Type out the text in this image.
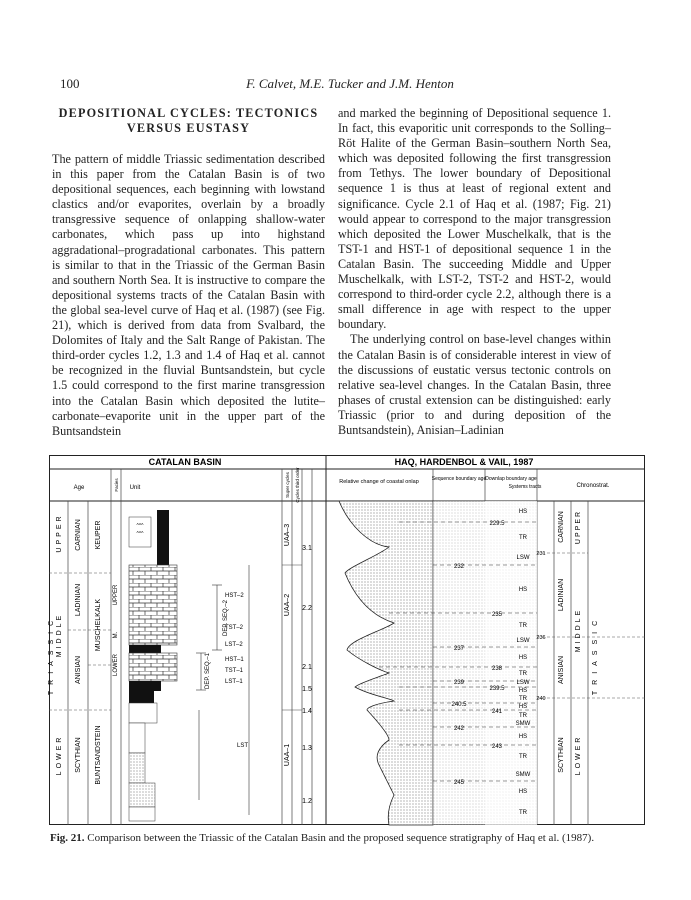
100	F. Calvet, M.E. Tucker and J.M. Henton

DEPOSITIONAL CYCLES: TECTONICS VERSUS EUSTASY

The pattern of middle Triassic sedimentation described in this paper from the Catalan Basin is of two depositional sequences, each beginning with lowstand clastics and/or evaporites, overlain by a broadly transgressive sequence of onlapping shallow-water carbonates, which pass up into highstand aggradational–progradational carbonates. This pattern is similar to that in the Triassic of the German Basin and southern North Sea. It is instructive to compare the depositional systems tracts of the Catalan Basin with the global sea-level curve of Haq et al. (1987) (see Fig. 21), which is derived from data from Svalbard, the Dolomites of Italy and the Salt Range of Pakistan. The third-order cycles 1.2, 1.3 and 1.4 of Haq et al. cannot be recognized in the fluvial Buntsandstein, but cycle 1.5 could correspond to the first marine transgression into the Catalan Basin which deposited the lutite–carbonate–evaporite unit in the upper part of the Buntsandstein

and marked the beginning of Depositional sequence 1. In fact, this evaporitic unit corresponds to the Solling–Röt Halite of the German Basin–southern North Sea, which was deposited following the first transgression from Tethys. The lower boundary of Depositional sequence 1 is thus at least of regional extent and significance. Cycle 2.1 of Haq et al. (1987; Fig. 21) would appear to correspond to the major transgression which deposited the Lower Muschelkalk, that is the TST-1 and HST-1 of depositional sequence 1 in the Catalan Basin. The succeeding Middle and Upper Muschelkalk, with LST-2, TST-2 and HST-2, would correspond to third-order cycle 2.2, although there is a small difference in age with respect to the upper boundary.

The underlying control on base-level changes within the Catalan Basin is of considerable interest in view of the discussions of eustatic versus tectonic controls on relative sea-level changes. In the Catalan Basin, three phases of crustal extension can be distinguished: early Triassic (prior to and during deposition of the Buntsandstein), Anisian–Ladinian

CATALAN BASIN	HAQ, HARDENBOL & VAIL, 1987
Age	Facies Unit	Super cycles Cycles third order	Relative change of coastal onlap	Sequence boundary age Downlap boundary age
Systems tracts	Chronostrat.
UPPER
MIDDLE
LOWER
TRIASSIC
CARNIAN
LADINIAN
ANISIAN
SCYTHIAN
KEUPER
MUSCHELKALK
BUNTSANDSTEIN
UPPER
M.
LOWER
^^^
^^^
DEP. SEQ.–2
DEP. SEQ.–1
HST–2
TST–2
LST–2
HST–1
TST–1
LST–1
LST
UAA–3
UAA–2
UAA–1
3.1
2.2
2.1
1.5
1.4
1.3
1.2
232
237
239
240.5
242
245
229.5
235
238
239.5
241
243
HS
TR
LSW
HS
TR
LSW
HS
TR
LSW
HS
TR
HS
TR
SMW
HS
TR
SMW
HS
TR
231
236
240
CARNIAN
LADINIAN
ANISIAN
SCYTHIAN
UPPER
MIDDLE
LOWER
TRIASSIC
Fig. 21. Comparison between the Triassic of the Catalan Basin and the proposed sequence stratigraphy of Haq et al. (1987).
